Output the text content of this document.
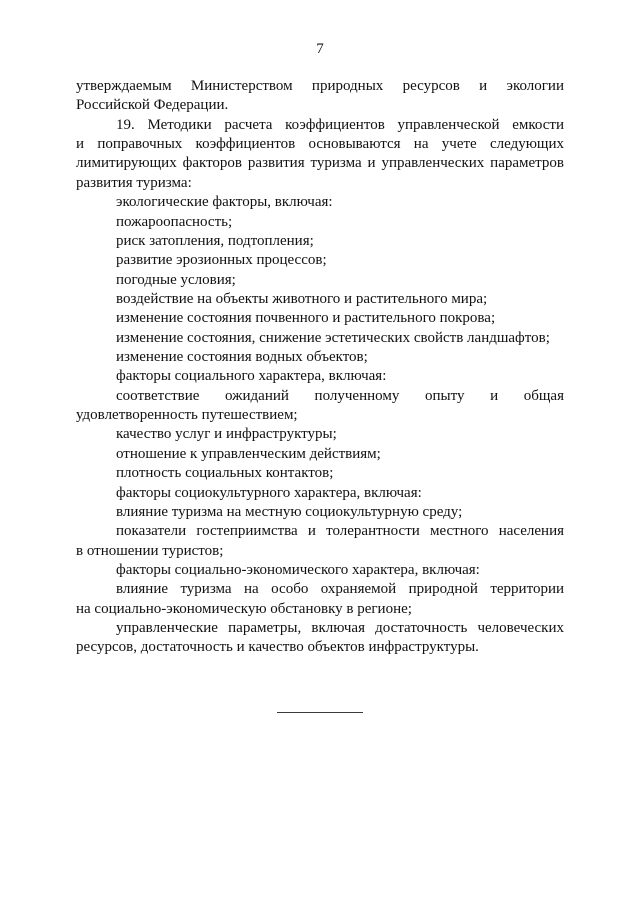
7
утверждаемым Министерством природных ресурсов и экологии
Российской Федерации.
19. Методики расчета коэффициентов управленческой емкости
и поправочных коэффициентов основываются на учете следующих
лимитирующих факторов развития туризма и управленческих параметров
развития туризма:
экологические факторы, включая:
пожароопасность;
риск затопления, подтопления;
развитие эрозионных процессов;
погодные условия;
воздействие на объекты животного и растительного мира;
изменение состояния почвенного и растительного покрова;
изменение состояния, снижение эстетических свойств ландшафтов;
изменение состояния водных объектов;
факторы социального характера, включая:
соответствие ожиданий полученному опыту и общая
удовлетворенность путешествием;
качество услуг и инфраструктуры;
отношение к управленческим действиям;
плотность социальных контактов;
факторы социокультурного характера, включая:
влияние туризма на местную социокультурную среду;
показатели гостеприимства и толерантности местного населения
в отношении туристов;
факторы социально-экономического характера, включая:
влияние туризма на особо охраняемой природной территории
на социально-экономическую обстановку в регионе;
управленческие параметры, включая достаточность человеческих
ресурсов, достаточность и качество объектов инфраструктуры.
